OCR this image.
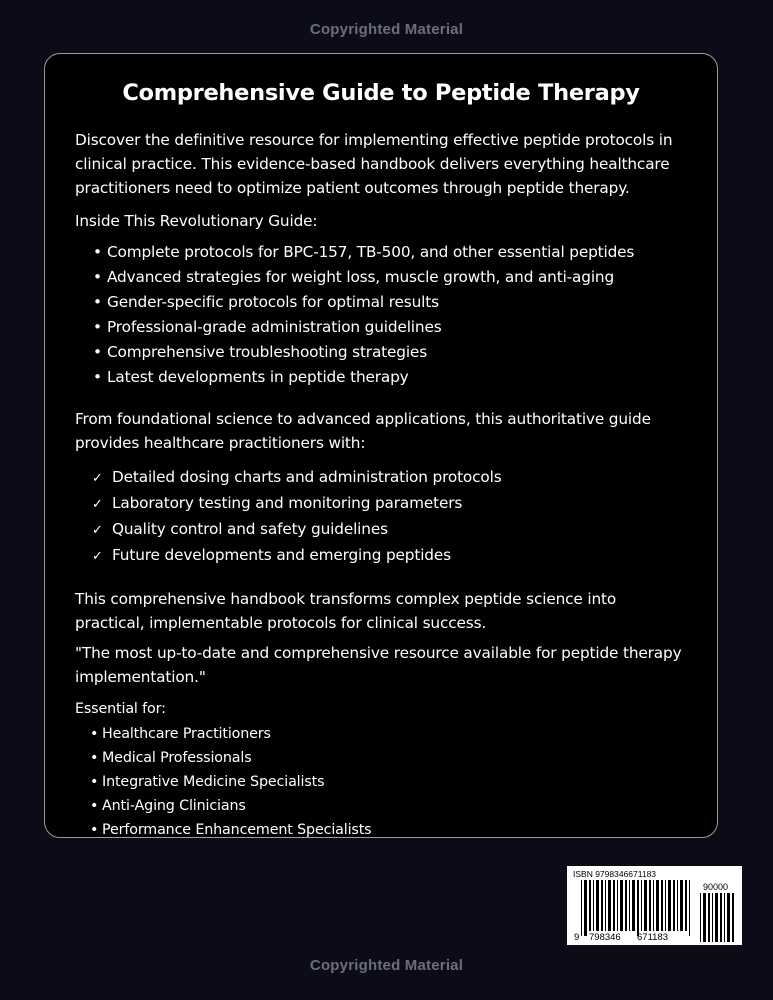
Copyrighted Material
Comprehensive Guide to Peptide Therapy

Discover the definitive resource for implementing effective peptide protocols in clinical practice. This evidence-based handbook delivers everything healthcare practitioners need to optimize patient outcomes through peptide therapy.

Inside This Revolutionary Guide:

• Complete protocols for BPC-157, TB-500, and other essential peptides
• Advanced strategies for weight loss, muscle growth, and anti-aging
• Gender-specific protocols for optimal results
• Professional-grade administration guidelines
• Comprehensive troubleshooting strategies
• Latest developments in peptide therapy

From foundational science to advanced applications, this authoritative guide provides healthcare practitioners with:

✓ Detailed dosing charts and administration protocols
✓ Laboratory testing and monitoring parameters
✓ Quality control and safety guidelines
✓ Future developments and emerging peptides

This comprehensive handbook transforms complex peptide science into practical, implementable protocols for clinical success.

"The most up-to-date and comprehensive resource available for peptide therapy implementation."

Essential for:

• Healthcare Practitioners
• Medical Professionals
• Integrative Medicine Specialists
• Anti-Aging Clinicians
• Performance Enhancement Specialists
ISBN 9798346671183
90000
9 798346 671183
Copyrighted Material
